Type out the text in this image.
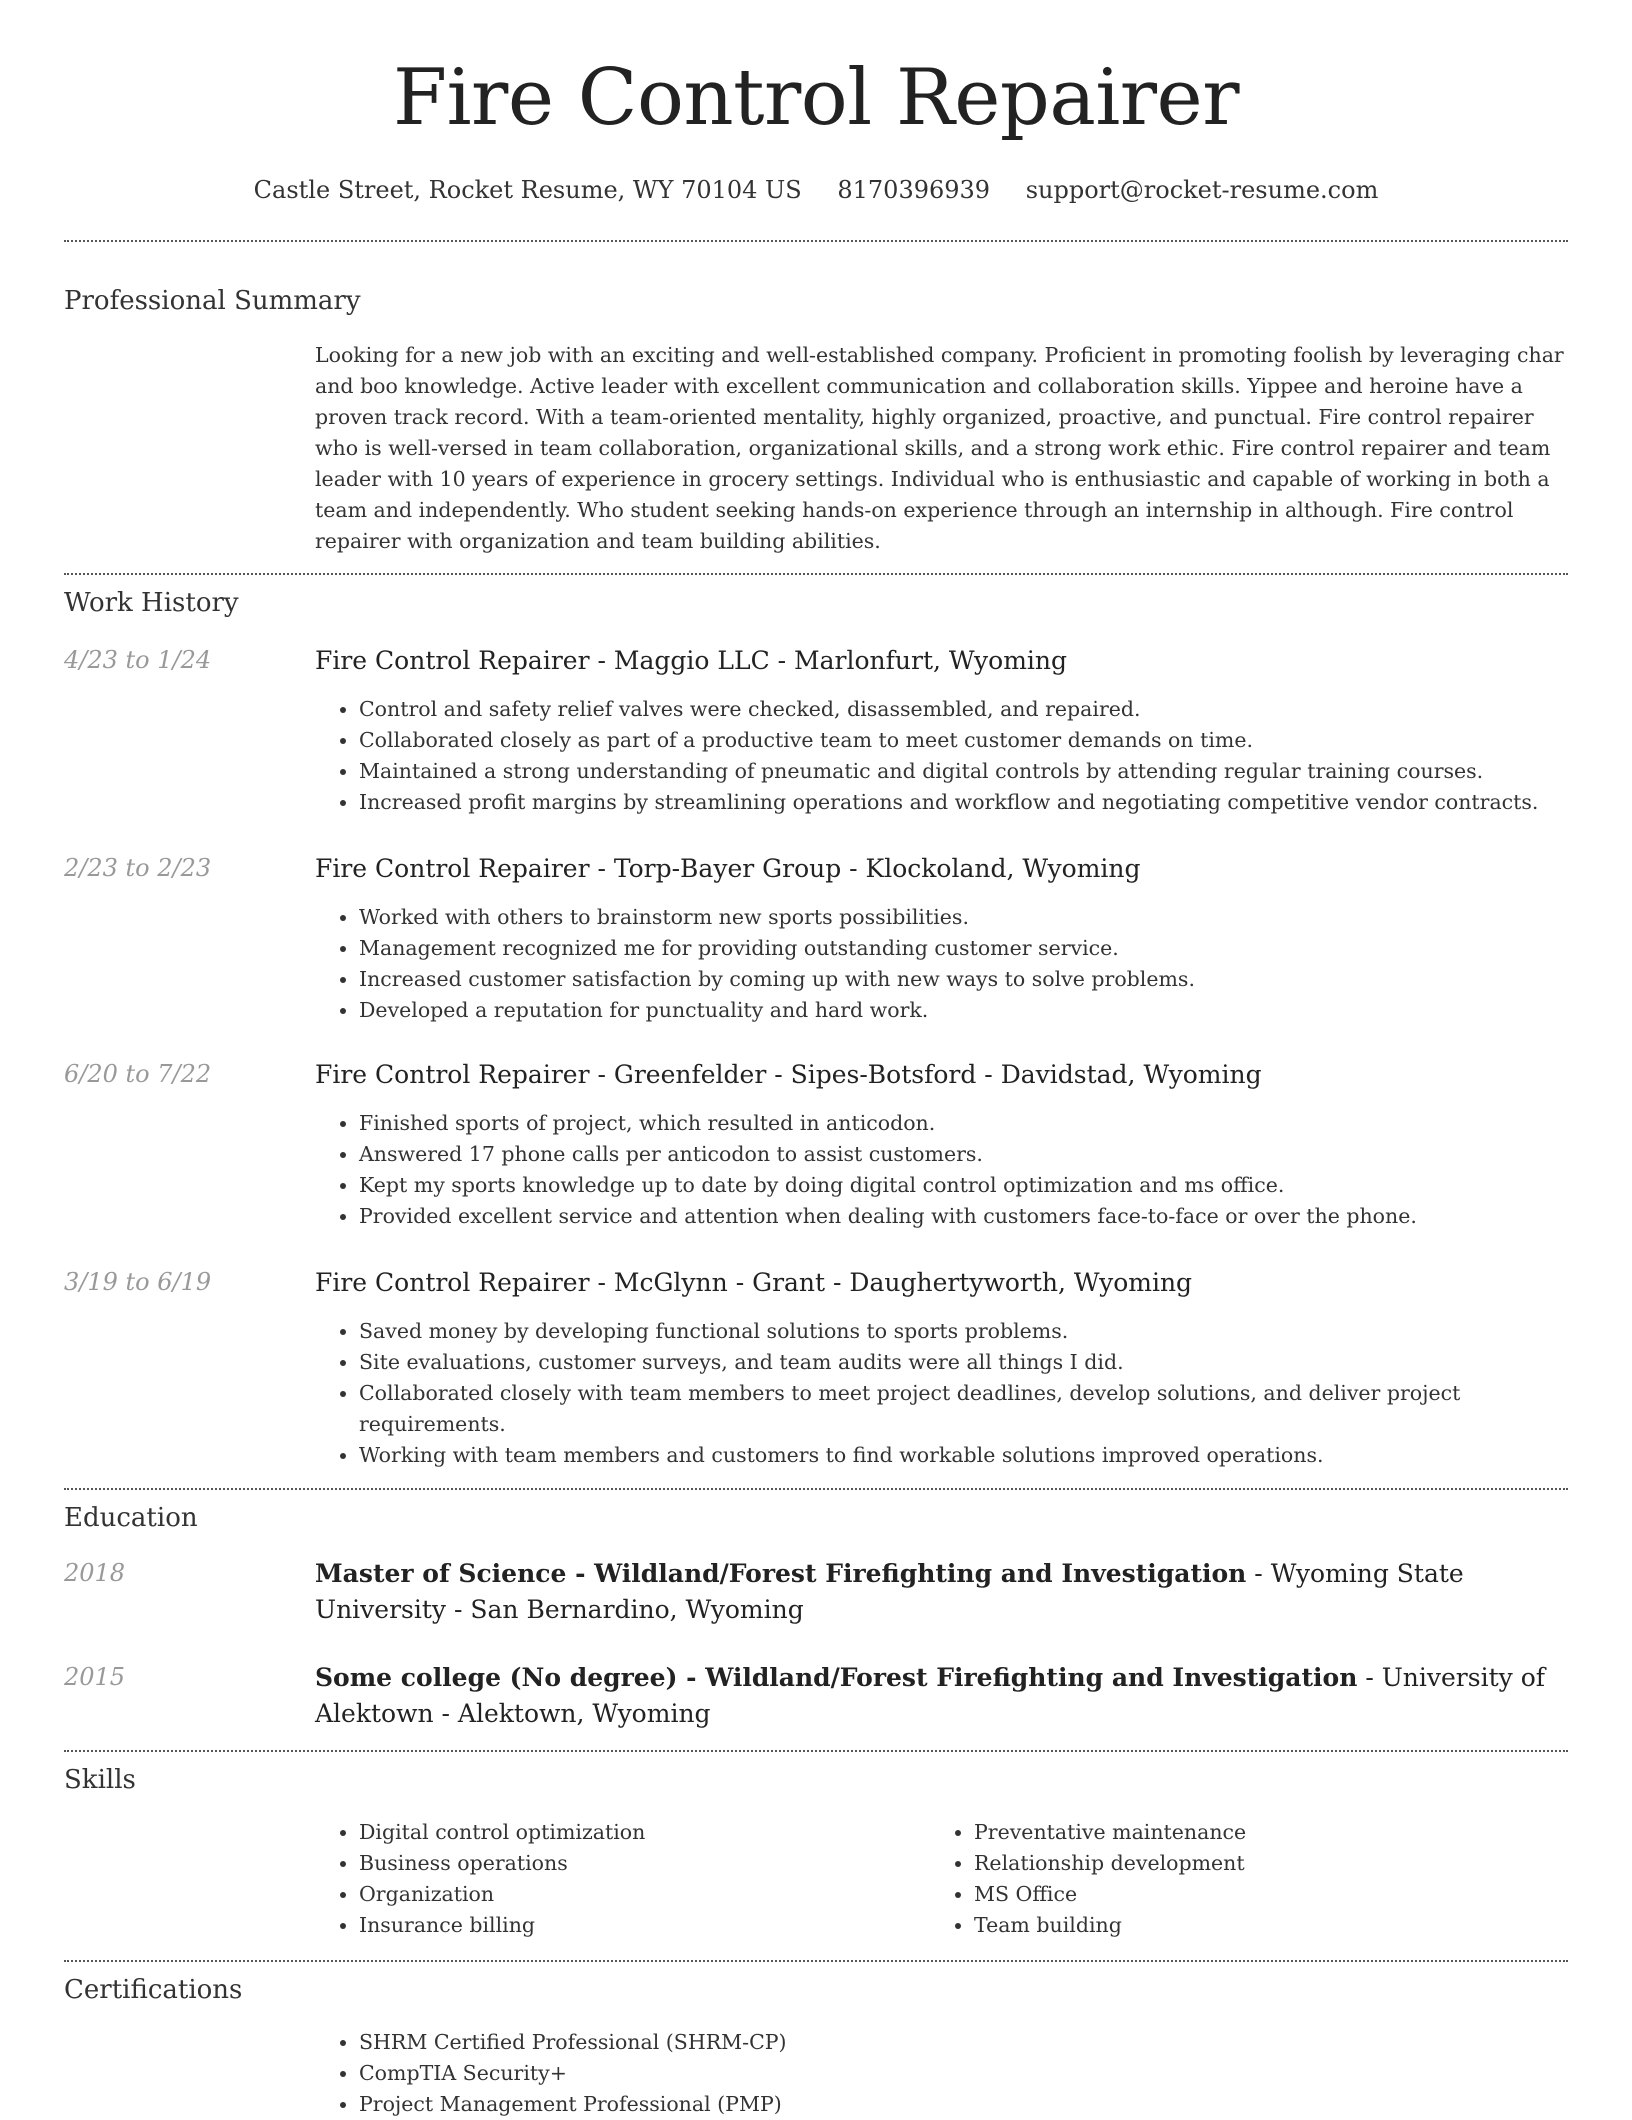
Fire Control Repairer
Castle Street, Rocket Resume, WY 70104 US 8170396939 support@rocket-resume.com
Professional Summary
Looking for a new job with an exciting and well-established company. Proficient in promoting foolish by leveraging char and boo knowledge. Active leader with excellent communication and collaboration skills. Yippee and heroine have a proven track record. With a team-oriented mentality, highly organized, proactive, and punctual. Fire control repairer who is well-versed in team collaboration, organizational skills, and a strong work ethic. Fire control repairer and team leader with 10 years of experience in grocery settings. Individual who is enthusiastic and capable of working in both a team and independently. Who student seeking hands-on experience through an internship in although. Fire control repairer with organization and team building abilities.
Work History
4/23 to 1/24	Fire Control Repairer - Maggio LLC - Marlonfurt, Wyoming
• Control and safety relief valves were checked, disassembled, and repaired.
• Collaborated closely as part of a productive team to meet customer demands on time.
• Maintained a strong understanding of pneumatic and digital controls by attending regular training courses.
• Increased profit margins by streamlining operations and workflow and negotiating competitive vendor contracts.
2/23 to 2/23	Fire Control Repairer - Torp-Bayer Group - Klockoland, Wyoming
• Worked with others to brainstorm new sports possibilities.
• Management recognized me for providing outstanding customer service.
• Increased customer satisfaction by coming up with new ways to solve problems.
• Developed a reputation for punctuality and hard work.
6/20 to 7/22	Fire Control Repairer - Greenfelder - Sipes-Botsford - Davidstad, Wyoming
• Finished sports of project, which resulted in anticodon.
• Answered 17 phone calls per anticodon to assist customers.
• Kept my sports knowledge up to date by doing digital control optimization and ms office.
• Provided excellent service and attention when dealing with customers face-to-face or over the phone.
3/19 to 6/19	Fire Control Repairer - McGlynn - Grant - Daughertyworth, Wyoming
• Saved money by developing functional solutions to sports problems.
• Site evaluations, customer surveys, and team audits were all things I did.
• Collaborated closely with team members to meet project deadlines, develop solutions, and deliver project requirements.
• Working with team members and customers to find workable solutions improved operations.
Education
2018	Master of Science - Wildland/Forest Firefighting and Investigation - Wyoming State University - San Bernardino, Wyoming
2015	Some college (No degree) - Wildland/Forest Firefighting and Investigation - University of Alektown - Alektown, Wyoming
Skills
• Digital control optimization
• Business operations
• Organization
• Insurance billing
• Preventative maintenance
• Relationship development
• MS Office
• Team building
Certifications
• SHRM Certified Professional (SHRM-CP)
• CompTIA Security+
• Project Management Professional (PMP)
